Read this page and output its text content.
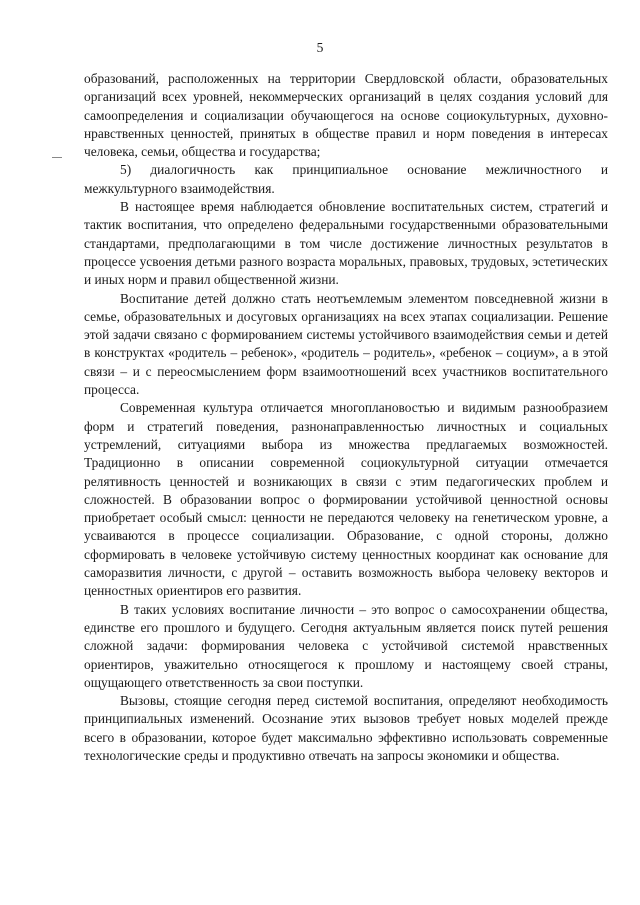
5

образований, расположенных на территории Свердловской области, образовательных организаций всех уровней, некоммерческих организаций в целях создания условий для самоопределения и социализации обучающегося на основе социокультурных, духовно-нравственных ценностей, принятых в обществе правил и норм поведения в интересах человека, семьи, общества и государства;

5) диалогичность как принципиальное основание межличностного и межкультурного взаимодействия.

В настоящее время наблюдается обновление воспитательных систем, стратегий и тактик воспитания, что определено федеральными государственными образовательными стандартами, предполагающими в том числе достижение личностных результатов в процессе усвоения детьми разного возраста моральных, правовых, трудовых, эстетических и иных норм и правил общественной жизни.

Воспитание детей должно стать неотъемлемым элементом повседневной жизни в семье, образовательных и досуговых организациях на всех этапах социализации. Решение этой задачи связано с формированием системы устойчивого взаимодействия семьи и детей в конструктах «родитель – ребенок», «родитель – родитель», «ребенок – социум», а в этой связи – и с переосмыслением форм взаимоотношений всех участников воспитательного процесса.

Современная культура отличается многоплановостью и видимым разнообразием форм и стратегий поведения, разнонаправленностью личностных и социальных устремлений, ситуациями выбора из множества предлагаемых возможностей. Традиционно в описании современной социокультурной ситуации отмечается релятивность ценностей и возникающих в связи с этим педагогических проблем и сложностей. В образовании вопрос о формировании устойчивой ценностной основы приобретает особый смысл: ценности не передаются человеку на генетическом уровне, а усваиваются в процессе социализации. Образование, с одной стороны, должно сформировать в человеке устойчивую систему ценностных координат как основание для саморазвития личности, с другой – оставить возможность выбора человеку векторов и ценностных ориентиров его развития.

В таких условиях воспитание личности – это вопрос о самосохранении общества, единстве его прошлого и будущего. Сегодня актуальным является поиск путей решения сложной задачи: формирования человека с устойчивой системой нравственных ориентиров, уважительно относящегося к прошлому и настоящему своей страны, ощущающего ответственность за свои поступки.

Вызовы, стоящие сегодня перед системой воспитания, определяют необходимость принципиальных изменений. Осознание этих вызовов требует новых моделей прежде всего в образовании, которое будет максимально эффективно использовать современные технологические среды и продуктивно отвечать на запросы экономики и общества.
